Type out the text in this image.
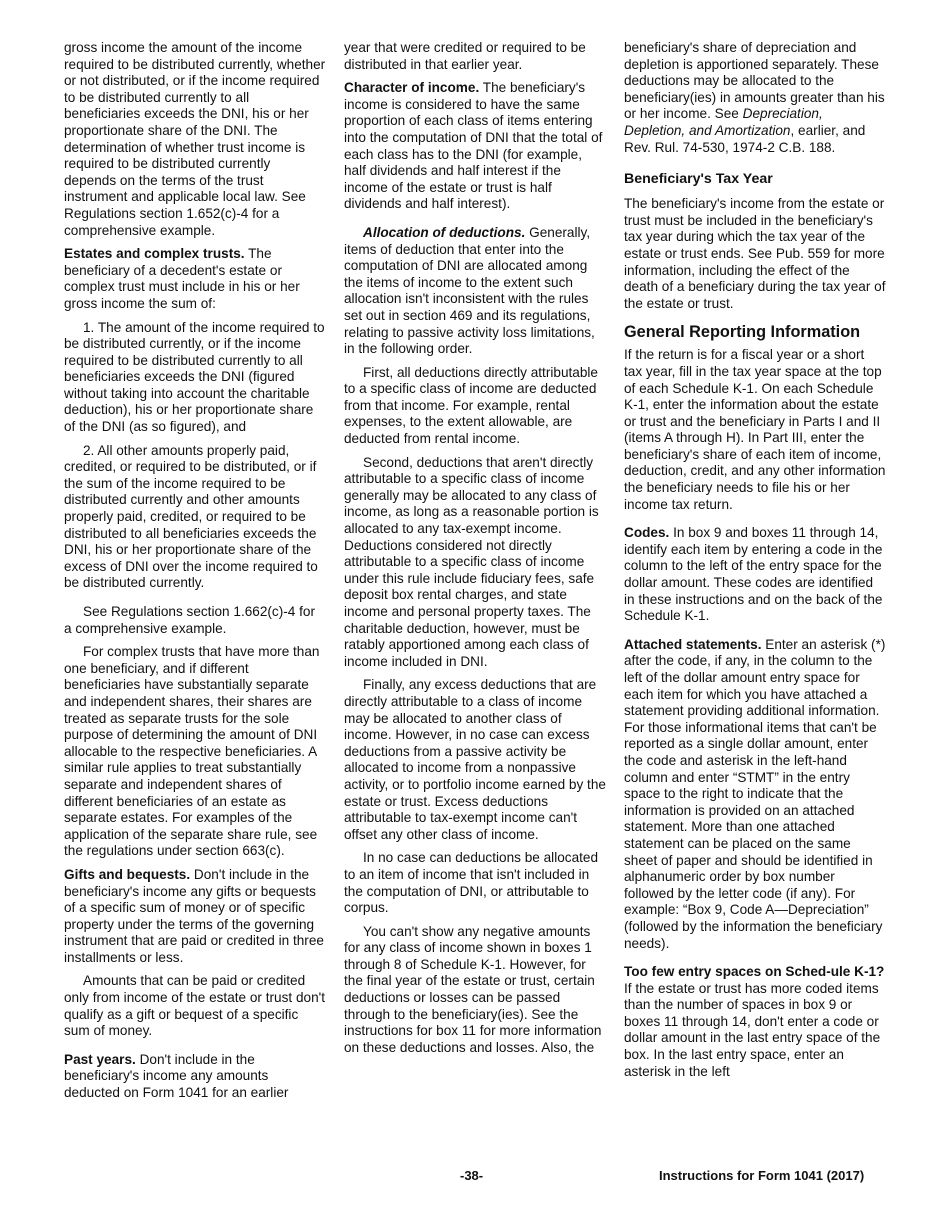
gross income the amount of the income required to be distributed currently, whether or not distributed, or if the income required to be distributed currently to all beneficiaries exceeds the DNI, his or her proportionate share of the DNI. The determination of whether trust income is required to be distributed currently depends on the terms of the trust instrument and applicable local law. See Regulations section 1.652(c)-4 for a comprehensive example.

Estates and complex trusts. The beneficiary of a decedent's estate or complex trust must include in his or her gross income the sum of:

1. The amount of the income required to be distributed currently, or if the income required to be distributed currently to all beneficiaries exceeds the DNI (figured without taking into account the charitable deduction), his or her proportionate share of the DNI (as so figured), and

2. All other amounts properly paid, credited, or required to be distributed, or if the sum of the income required to be distributed currently and other amounts properly paid, credited, or required to be distributed to all beneficiaries exceeds the DNI, his or her proportionate share of the excess of DNI over the income required to be distributed currently.

See Regulations section 1.662(c)-4 for a comprehensive example.

For complex trusts that have more than one beneficiary, and if different beneficiaries have substantially separate and independent shares, their shares are treated as separate trusts for the sole purpose of determining the amount of DNI allocable to the respective beneficiaries. A similar rule applies to treat substantially separate and independent shares of different beneficiaries of an estate as separate estates. For examples of the application of the separate share rule, see the regulations under section 663(c).

Gifts and bequests. Don't include in the beneficiary's income any gifts or bequests of a specific sum of money or of specific property under the terms of the governing instrument that are paid or credited in three installments or less.

Amounts that can be paid or credited only from income of the estate or trust don't qualify as a gift or bequest of a specific sum of money.

Past years. Don't include in the beneficiary's income any amounts deducted on Form 1041 for an earlier

year that were credited or required to be distributed in that earlier year.

Character of income. The beneficiary's income is considered to have the same proportion of each class of items entering into the computation of DNI that the total of each class has to the DNI (for example, half dividends and half interest if the income of the estate or trust is half dividends and half interest).

Allocation of deductions. Generally, items of deduction that enter into the computation of DNI are allocated among the items of income to the extent such allocation isn't inconsistent with the rules set out in section 469 and its regulations, relating to passive activity loss limitations, in the following order.

First, all deductions directly attributable to a specific class of income are deducted from that income. For example, rental expenses, to the extent allowable, are deducted from rental income.

Second, deductions that aren't directly attributable to a specific class of income generally may be allocated to any class of income, as long as a reasonable portion is allocated to any tax-exempt income. Deductions considered not directly attributable to a specific class of income under this rule include fiduciary fees, safe deposit box rental charges, and state income and personal property taxes. The charitable deduction, however, must be ratably apportioned among each class of income included in DNI.

Finally, any excess deductions that are directly attributable to a class of income may be allocated to another class of income. However, in no case can excess deductions from a passive activity be allocated to income from a nonpassive activity, or to portfolio income earned by the estate or trust. Excess deductions attributable to tax-exempt income can't offset any other class of income.

In no case can deductions be allocated to an item of income that isn't included in the computation of DNI, or attributable to corpus.

You can't show any negative amounts for any class of income shown in boxes 1 through 8 of Schedule K-1. However, for the final year of the estate or trust, certain deductions or losses can be passed through to the beneficiary(ies). See the instructions for box 11 for more information on these deductions and losses. Also, the

beneficiary's share of depreciation and depletion is apportioned separately. These deductions may be allocated to the beneficiary(ies) in amounts greater than his or her income. See Depreciation, Depletion, and Amortization, earlier, and Rev. Rul. 74-530, 1974-2 C.B. 188.

Beneficiary's Tax Year

The beneficiary's income from the estate or trust must be included in the beneficiary's tax year during which the tax year of the estate or trust ends. See Pub. 559 for more information, including the effect of the death of a beneficiary during the tax year of the estate or trust.

General Reporting Information

If the return is for a fiscal year or a short tax year, fill in the tax year space at the top of each Schedule K-1. On each Schedule K-1, enter the information about the estate or trust and the beneficiary in Parts I and II (items A through H). In Part III, enter the beneficiary's share of each item of income, deduction, credit, and any other information the beneficiary needs to file his or her income tax return.

Codes. In box 9 and boxes 11 through 14, identify each item by entering a code in the column to the left of the entry space for the dollar amount. These codes are identified in these instructions and on the back of the Schedule K-1.

Attached statements. Enter an asterisk (*) after the code, if any, in the column to the left of the dollar amount entry space for each item for which you have attached a statement providing additional information. For those informational items that can't be reported as a single dollar amount, enter the code and asterisk in the left-hand column and enter “STMT” in the entry space to the right to indicate that the information is provided on an attached statement. More than one attached statement can be placed on the same sheet of paper and should be identified in alphanumeric order by box number followed by the letter code (if any). For example: “Box 9, Code A—Depreciation” (followed by the information the beneficiary needs).

Too few entry spaces on Sched-ule K-1? If the estate or trust has more coded items than the number of spaces in box 9 or boxes 11 through 14, don't enter a code or dollar amount in the last entry space of the box. In the last entry space, enter an asterisk in the left

-38-	Instructions for Form 1041 (2017)
